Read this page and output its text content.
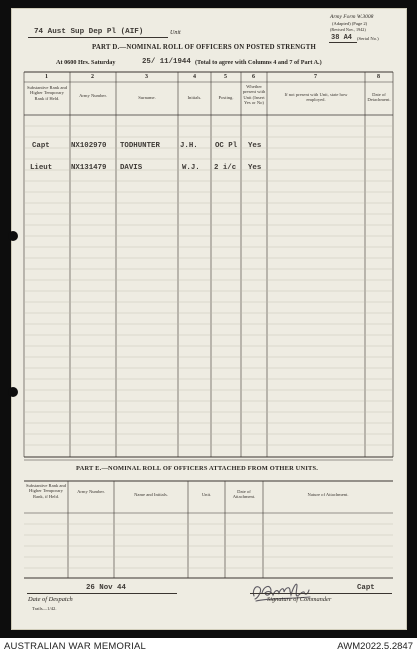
Army Form W.3008
(Adapted) (Page 2)
(Revised Nov., 1942)
38 A4 (Serial No.)
74 Aust Sup Dep Pl (AIF)	Unit
PART D.—NOMINAL ROLL OF OFFICERS ON POSTED STRENGTH
At 0600 Hrs. Saturday	25/ 11/1944 (Total to agree with Columns 4 and 7 of Part A.)
1	2	3	4	5	6	7	8
Substantive Rank and Higher Temporary Rank if Held.
Army Number.	Surname.	Initials.	Posting.
Whether present with Unit (Insert Yes or No)
If not present with Unit, state how employed.
Date of Detachment.
Capt	NX102970 TODHUNTER	J.H. OC Pl Yes
Lieut	NX131479 DAVIS	W.J. 2 i/c Yes
PART E.—NOMINAL ROLL OF OFFICERS ATTACHED FROM OTHER UNITS.
Substantive Rank and Higher Temporary Rank, if Held.
Army Number.
Name and Initials.	Unit.
Date of Attachment.	Nature of Attachment.
26 Nov 44
Date of Despatch
Trails—1/42.
Capt
Signature of Commander
AUSTRALIAN WAR MEMORIAL	AWM2022.5.2847
